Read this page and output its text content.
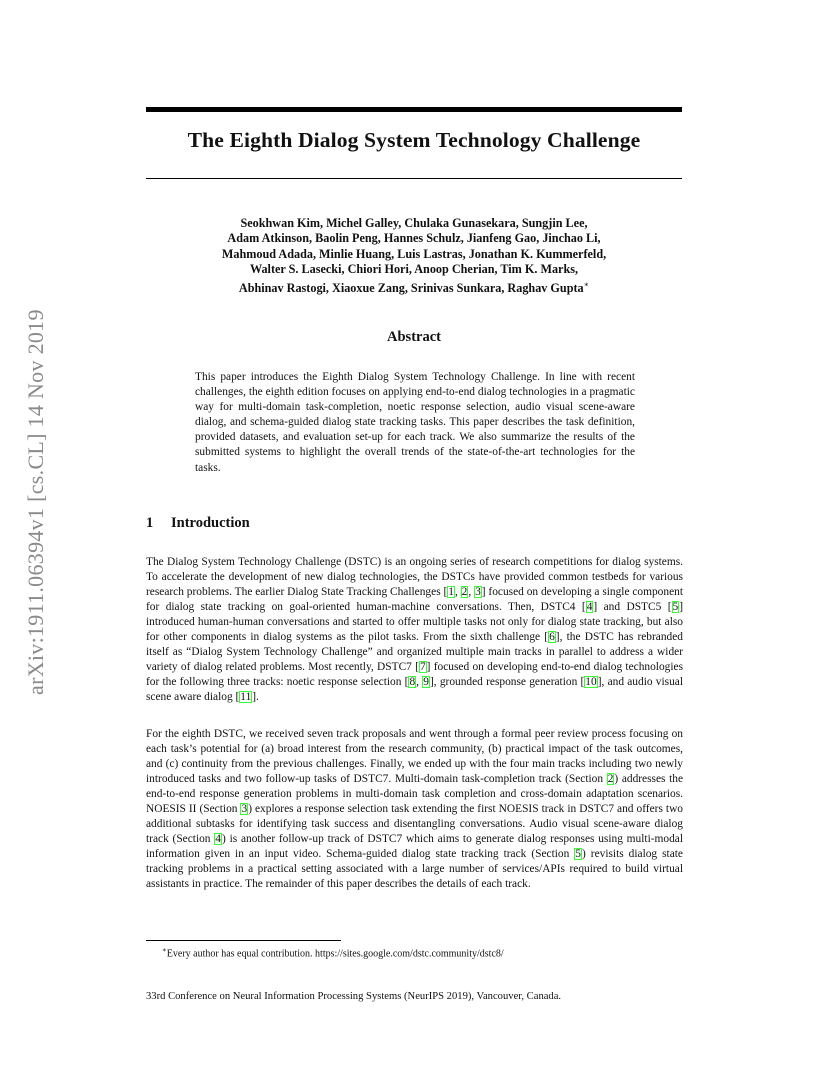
arXiv:1911.06394v1 [cs.CL] 14 Nov 2019
The Eighth Dialog System Technology Challenge
Seokhwan Kim, Michel Galley, Chulaka Gunasekara, Sungjin Lee,
Adam Atkinson, Baolin Peng, Hannes Schulz, Jianfeng Gao, Jinchao Li,
Mahmoud Adada, Minlie Huang, Luis Lastras, Jonathan K. Kummerfeld,
Walter S. Lasecki, Chiori Hori, Anoop Cherian, Tim K. Marks,
Abhinav Rastogi, Xiaoxue Zang, Srinivas Sunkara, Raghav Gupta∗
Abstract

This paper introduces the Eighth Dialog System Technology Challenge. In line with recent challenges, the eighth edition focuses on applying end-to-end dialog technologies in a pragmatic way for multi-domain task-completion, noetic response selection, audio visual scene-aware dialog, and schema-guided dialog state tracking tasks. This paper describes the task definition, provided datasets, and evaluation set-up for each track. We also summarize the results of the submitted systems to highlight the overall trends of the state-of-the-art technologies for the tasks.

1 Introduction

The Dialog System Technology Challenge (DSTC) is an ongoing series of research competitions for dialog systems. To accelerate the development of new dialog technologies, the DSTCs have provided common testbeds for various research problems. The earlier Dialog State Tracking Challenges [1, 2, 3] focused on developing a single component for dialog state tracking on goal-oriented human-machine conversations. Then, DSTC4 [4] and DSTC5 [5] introduced human-human conversations and started to offer multiple tasks not only for dialog state tracking, but also for other components in dialog systems as the pilot tasks. From the sixth challenge [6], the DSTC has rebranded itself as “Dialog System Technology Challenge” and organized multiple main tracks in parallel to address a wider variety of dialog related problems. Most recently, DSTC7 [7] focused on developing end-to-end dialog technologies for the following three tracks: noetic response selection [8, 9], grounded response generation [10], and audio visual scene aware dialog [11].

For the eighth DSTC, we received seven track proposals and went through a formal peer review process focusing on each task’s potential for (a) broad interest from the research community, (b) practical impact of the task outcomes, and (c) continuity from the previous challenges. Finally, we ended up with the four main tracks including two newly introduced tasks and two follow-up tasks of DSTC7. Multi-domain task-completion track (Section 2) addresses the end-to-end response generation problems in multi-domain task completion and cross-domain adaptation scenarios. NOESIS II (Section 3) explores a response selection task extending the first NOESIS track in DSTC7 and offers two additional subtasks for identifying task success and disentangling conversations. Audio visual scene-aware dialog track (Section 4) is another follow-up track of DSTC7 which aims to generate dialog responses using multi-modal information given in an input video. Schema-guided dialog state tracking track (Section 5) revisits dialog state tracking problems in a practical setting associated with a large number of services/APIs required to build virtual assistants in practice. The remainder of this paper describes the details of each track.

∗Every author has equal contribution. https://sites.google.com/dstc.community/dstc8/

33rd Conference on Neural Information Processing Systems (NeurIPS 2019), Vancouver, Canada.
